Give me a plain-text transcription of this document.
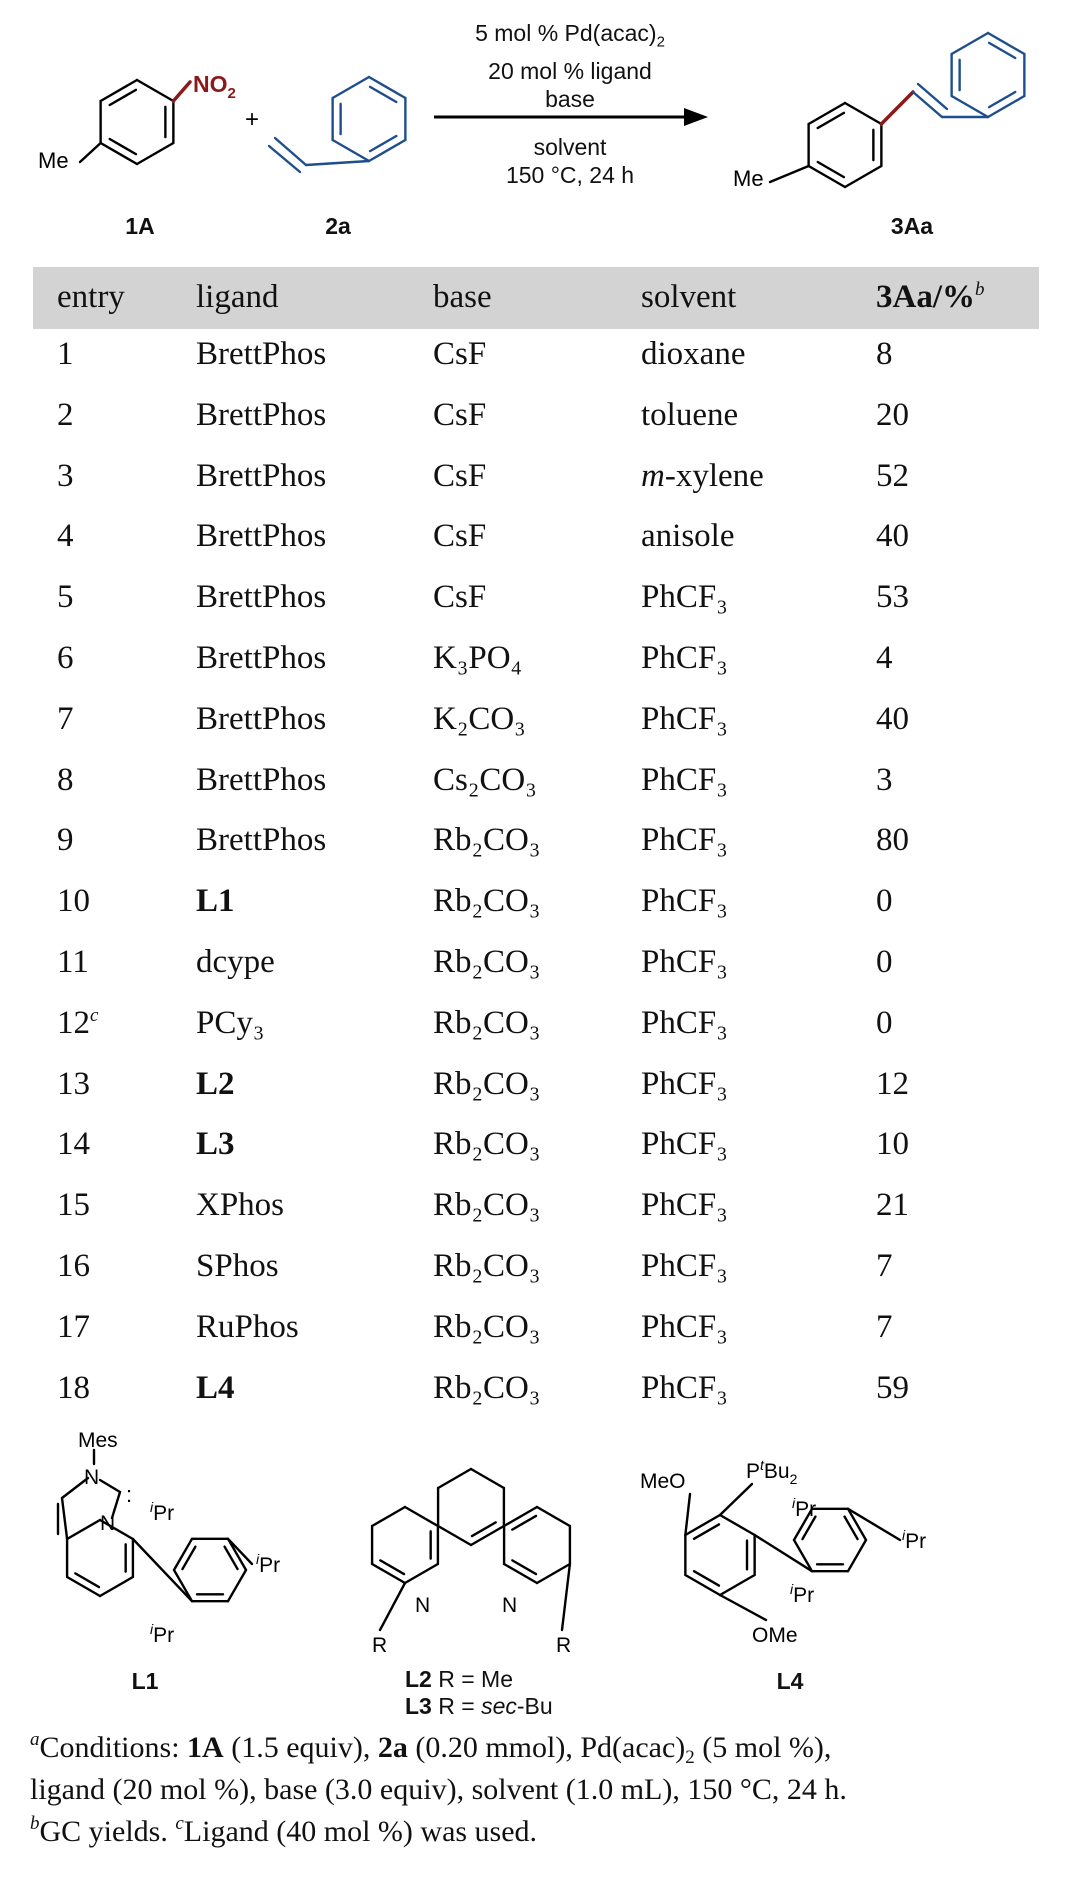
Me
$NO_2$
+
Me
5 mol % $Pd(acac)_2$
20 mol % ligand
base
solvent
150 °C, 24 h
1A	2a	3Aa
entry ligand	base	solvent	3Aa/%$^b$
1	BrettPhos	CsF	dioxane	8
2	BrettPhos	CsF	toluene	20
3	BrettPhos	CsF	m-xylene	52
4	BrettPhos	CsF	anisole	40
5	BrettPhos	CsF	PhCF₃	53
6	BrettPhos	K₃PO₄	PhCF₃	4
7	BrettPhos	K₂CO₃	PhCF₃	40
8	BrettPhos	Cs₂CO₃	PhCF₃	3
9	BrettPhos	Rb₂CO₃	PhCF₃	80
10	L1	Rb₂CO₃	PhCF₃	0
11	dcype	Rb₂CO₃	PhCF₃	0
12$^c$	PCy₃	Rb₂CO₃	PhCF₃	0
13	L2	Rb₂CO₃	PhCF₃	12
14	L3	Rb₂CO₃	PhCF₃	10
15	XPhos	Rb₂CO₃	PhCF₃	21
16	SPhos	Rb₂CO₃	PhCF₃	7
17	RuPhos	Rb₂CO₃	PhCF₃	7
18	L4	Rb₂CO₃	PhCF₃	59
N
N
Mes
: $^i$Pr
$^i$Pr
$^i$Pr
N	N
R	R
MeO	$P^tBu_2$
OMe
$^i$Pr
$^i$Pr
$^i$Pr
L1	L2 R = Me
L3 R = sec-Bu
L4
$^a$Conditions: 1A (1.5 equiv), 2a (0.20 mmol), $Pd(acac)_2$ (5 mol %),
ligand (20 mol %), base (3.0 equiv), solvent (1.0 mL), 150 °C, 24 h.
$^b$GC yields. $^c$Ligand (40 mol %) was used.
